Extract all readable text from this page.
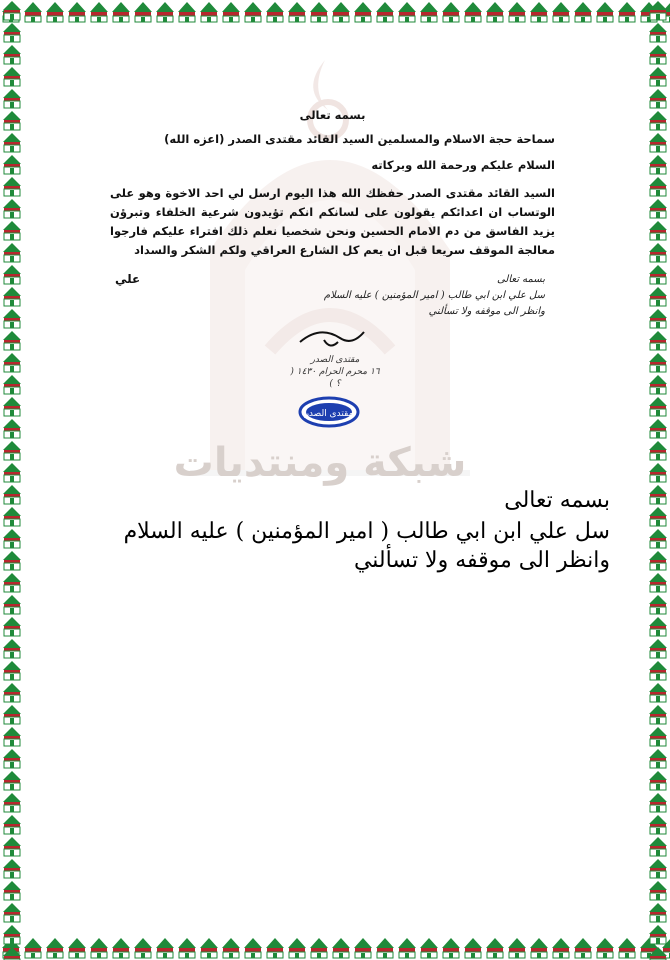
شبكة ومنتديات

بسمه تعالى

سماحة حجة الاسلام والمسلمين السيد القائد مقتدى الصدر (اعزه الله)

السلام عليكم ورحمة الله وبركاته

السيد القائد مقتدى الصدر حفظك الله هذا اليوم ارسل لي احد الاخوة وهو على الوتساب ان اعدائكم يقولون على لسانكم انكم تؤيدون شرعية الخلفاء وتبرؤن يزيد الفاسق من دم الامام الحسين ونحن شخصيا نعلم ذلك افتراء عليكم فارجوا معالجة الموقف سريعا قبل ان يعم كل الشارع العراقي ولكم الشكر والسداد

علي	بسمه تعالى
سل علي ابن ابي طالب ( امير المؤمنين ) عليه السلام
وانظر الى موقفه ولا تسألني
مقتدى الصدر
١٦ محرم الحرام ١٤٣٠ ( ؟ )
مقتدى الصدر

بسمه تعالى

سل علي ابن ابي طالب ( امير المؤمنين ) عليه السلام

وانظر الى موقفه ولا تسألني
